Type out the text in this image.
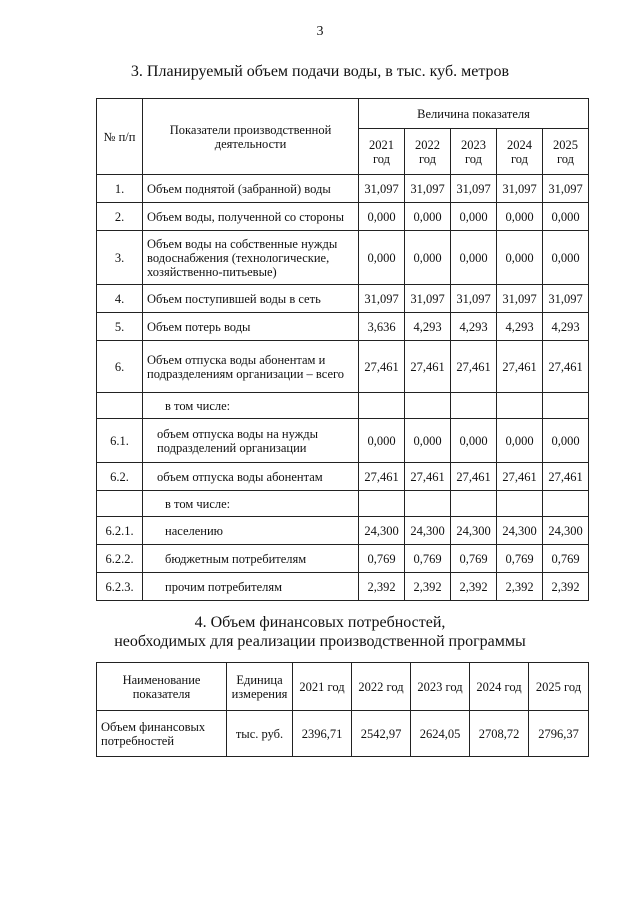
3
3. Планируемый объем подачи воды, в тыс. куб. метров
№ п/п	Показатели производственной деятельности	Величина показателя				
		2021 год	2022 год	2023 год	2024 год	2025 год
1.	Объем поднятой (забранной) воды	31,097	31,097	31,097	31,097	31,097
2.	Объем воды, полученной со стороны	0,000	0,000	0,000	0,000	0,000
3.	Объем воды на собственные нужды водоснабжения (технологические, хозяйственно-питьевые)	0,000	0,000	0,000	0,000	0,000
4.	Объем поступившей воды в сеть	31,097	31,097	31,097	31,097	31,097
5.	Объем потерь воды	3,636	4,293	4,293	4,293	4,293
6.	Объем отпуска воды абонентам и подразделениям организации – всего	27,461	27,461	27,461	27,461	27,461
	в том числе:					
6.1.	объем отпуска воды на нужды подразделений организации	0,000	0,000	0,000	0,000	0,000
6.2.	объем отпуска воды абонентам	27,461	27,461	27,461	27,461	27,461
	в том числе:					
6.2.1.	населению	24,300	24,300	24,300	24,300	24,300
6.2.2.	бюджетным потребителям	0,769	0,769	0,769	0,769	0,769
6.2.3.	прочим потребителям	2,392	2,392	2,392	2,392	2,392
4. Объем финансовых потребностей,
необходимых для реализации производственной программы
Наименование показателя	Единица измерения	2021 год	2022 год	2023 год	2024 год	2025 год
Объем финансовых потребностей	тыс. руб.	2396,71	2542,97	2624,05	2708,72	2796,37
